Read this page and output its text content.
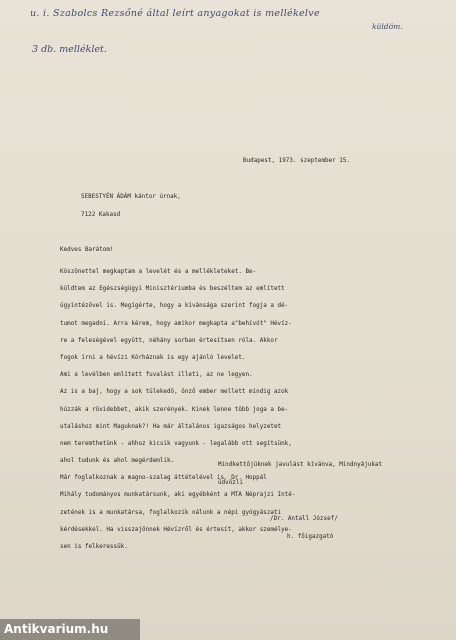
u. i. Szabolcs Rezsőné által leírt anyagokat is mellékelve
küldöm.
3 db. melléklet.
Budapest, 1973. szeptember 15.
SEBESTYÉN ÁDÁM kántor úrnak,
7122 Kakasd
Kedves Barátom!
Köszönettel megkaptam a levelét és a mellékleteket. Be-
küldtem az Egészségügyi Minisztériumba és beszéltem az említett
ügyintézővel is. Megígérte, hogy a kívánsága szerint fogja a dé-
tumot megadni. Arra kérem, hogy amikor megkapta a"behívót" Hévíz-
re a feleségével együtt, néhány sorban értesítsen róla. Akkor
fogok írni a hévízi Kórháznak is egy ajánló levelet.
Ami a levélben említett fuvalást illeti, az ne legyen.
Az is a baj, hogy a sok tülekedő, önző ember mellett mindig azok
húzzák a rövidebbet, akik szerények. Kinek lenne több joga a be-
utaláshoz mint Maguknak?! Ha már általános igazságos helyzetet
nem teremthetünk - ahhoz kicsik vagyunk - legalább ott segítsünk,
ahol tudunk és ahol megérdemlik.
Már foglalkoznak a magno-szalag áttételével is. Dr. Hoppál
Mihály tudományos munkatársunk, aki egyébként a MTA Néprajzi Inté-
zetének is a munkatársa, foglalkozik nálunk a népi gyógyászati
kérdésekkel. Ha visszajönnek Hévízről és értesít, akkor személye-
sen is felkeressük.
Mindkettőjüknek javulást kívánva, Mindnyájukat
üdvözli
/Dr. Antall József/
h. főigazgató
Antikvarium.hu
